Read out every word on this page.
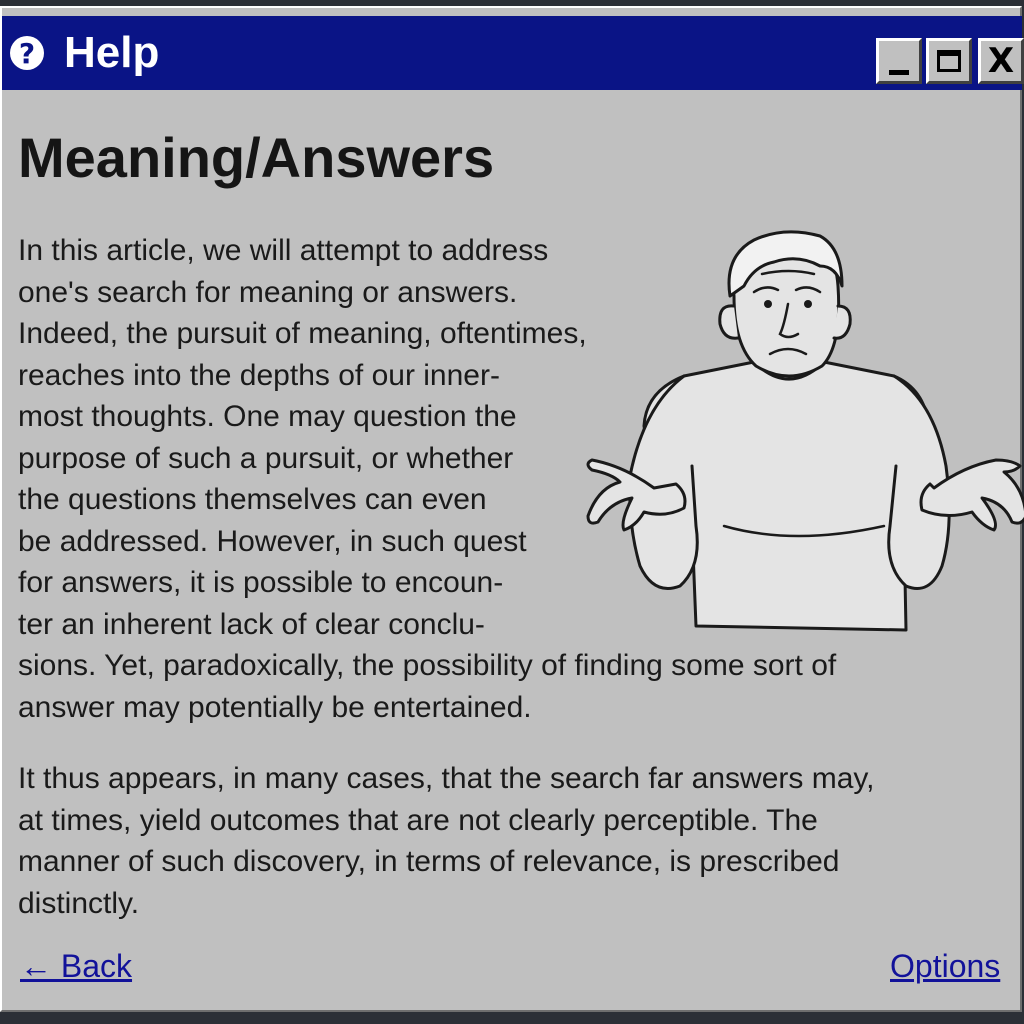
? Help	X
Meaning/Answers

In this article, we will attempt to address
one's search for meaning or answers.
Indeed, the pursuit of meaning, oftentimes,
reaches into the depths of our inner-
most thoughts. One may question the
purpose of such a pursuit, or whether
the questions themselves can even
be addressed. However, in such quest
for answers, it is possible to encoun-
ter an inherent lack of clear conclu-
sions. Yet, paradoxically, the possibility of finding some sort of
answer may potentially be entertained.

It thus appears, in many cases, that the search far answers may,
at times, yield outcomes that are not clearly perceptible. The
manner of such discovery, in terms of relevance, is prescribed
distinctly.

← Back	Options
